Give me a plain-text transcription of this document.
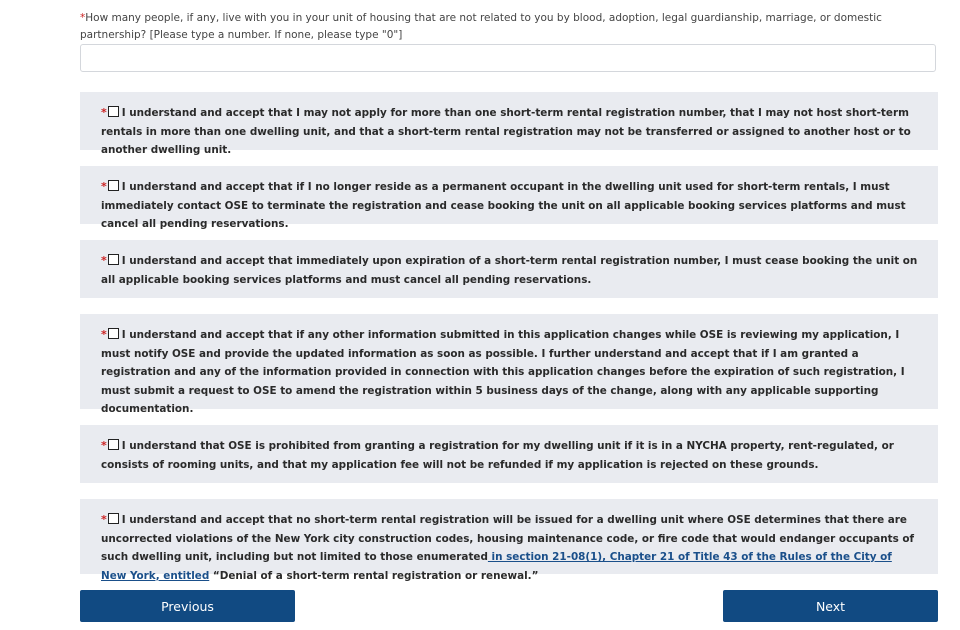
*How many people, if any, live with you in your unit of housing that are not related to you by blood, adoption, legal guardianship, marriage, or domestic partnership? [Please type a number. If none, please type "0"]
* I understand and accept that I may not apply for more than one short-term rental registration number, that I may not host short-term rentals in more than one dwelling unit, and that a short-term rental registration may not be transferred or assigned to another host or to another dwelling unit.
* I understand and accept that if I no longer reside as a permanent occupant in the dwelling unit used for short-term rentals, I must immediately contact OSE to terminate the registration and cease booking the unit on all applicable booking services platforms and must cancel all pending reservations.
* I understand and accept that immediately upon expiration of a short-term rental registration number, I must cease booking the unit on all applicable booking services platforms and must cancel all pending reservations.
* I understand and accept that if any other information submitted in this application changes while OSE is reviewing my application, I must notify OSE and provide the updated information as soon as possible. I further understand and accept that if I am granted a registration and any of the information provided in connection with this application changes before the expiration of such registration, I must submit a request to OSE to amend the registration within 5 business days of the change, along with any applicable supporting documentation.
* I understand that OSE is prohibited from granting a registration for my dwelling unit if it is in a NYCHA property, rent-regulated, or consists of rooming units, and that my application fee will not be refunded if my application is rejected on these grounds.
* I understand and accept that no short-term rental registration will be issued for a dwelling unit where OSE determines that there are uncorrected violations of the New York city construction codes, housing maintenance code, or fire code that would endanger occupants of such dwelling unit, including but not limited to those enumerated in section 21-08(1), Chapter 21 of Title 43 of the Rules of the City of New York, entitled “Denial of a short-term rental registration or renewal.”
Previous	Next
